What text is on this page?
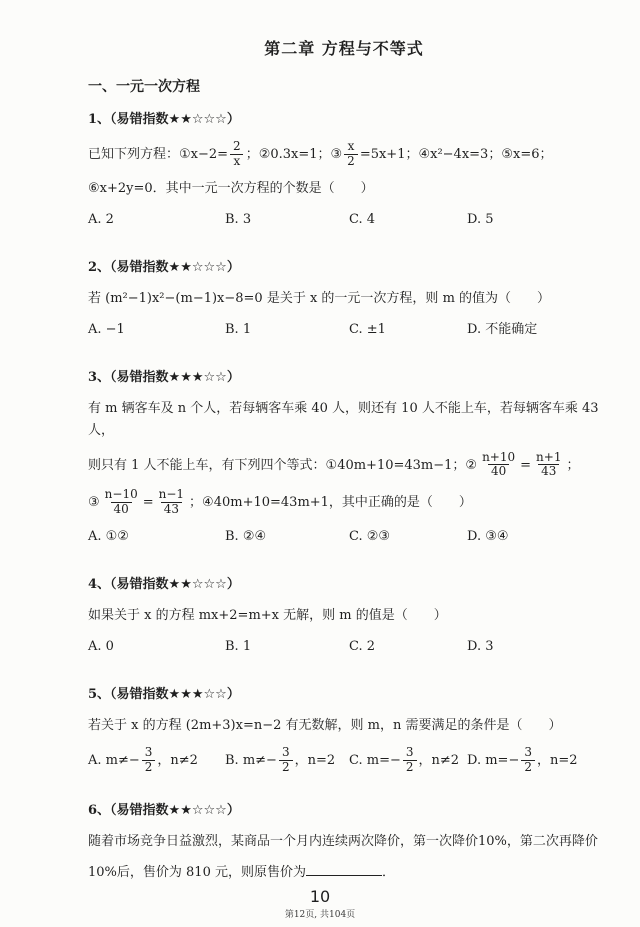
第二章 方程与不等式
一、一元一次方程
1、（易错指数★★☆☆☆）
已知下列方程：①x−2= $\frac{2}{x}$ ；②0.3x=1；③ $\frac{x}{2} =5x+1$；④x²−4x=3；⑤x=6；
⑥x+2y=0．其中一元一次方程的个数是（　　）
A. 2	B. 3	C. 4	D. 5
2、（易错指数★★☆☆☆）
若 (m²−1)x²−(m−1)x−8=0 是关于 x 的一元一次方程，则 m 的值为（　　）
A. −1	B. 1	C. ±1	D. 不能确定
3、（易错指数★★★☆☆）
有 m 辆客车及 n 个人，若每辆客车乘 40 人，则还有 10 人不能上车，若每辆客车乘 43 人，
则只有 1 人不能上车，有下列四个等式：①40m+10=43m−1；② $\frac{n+10}{40} = \frac{n+1}{43}$ ；
③ $\frac{n-10}{40} = \frac{n-1}{43}$ ；④40m+10=43m+1，其中正确的是（　　）
A. ①②	B. ②④	C. ②③	D. ③④
4、（易错指数★★☆☆☆）
如果关于 x 的方程 mx+2=m+x 无解，则 m 的值是（　　）
A. 0	B. 1	C. 2	D. 3
5、（易错指数★★★☆☆）
若关于 x 的方程 (2m+3)x=n−2 有无数解，则 m，n 需要满足的条件是（　　）
A. $m\ne- \frac{3}{2}$ ，n≠2	B. $m\ne- \frac{3}{2}$ ，n=2	C. $m=- \frac{3}{2}$ ，n≠2 D. $m=- \frac{3}{2}$ ，n=2
6、（易错指数★★☆☆☆）
随着市场竞争日益激烈，某商品一个月内连续两次降价，第一次降价10%，第二次再降价
10%后，售价为 810 元，则原售价为	．
10
第12页, 共104页
